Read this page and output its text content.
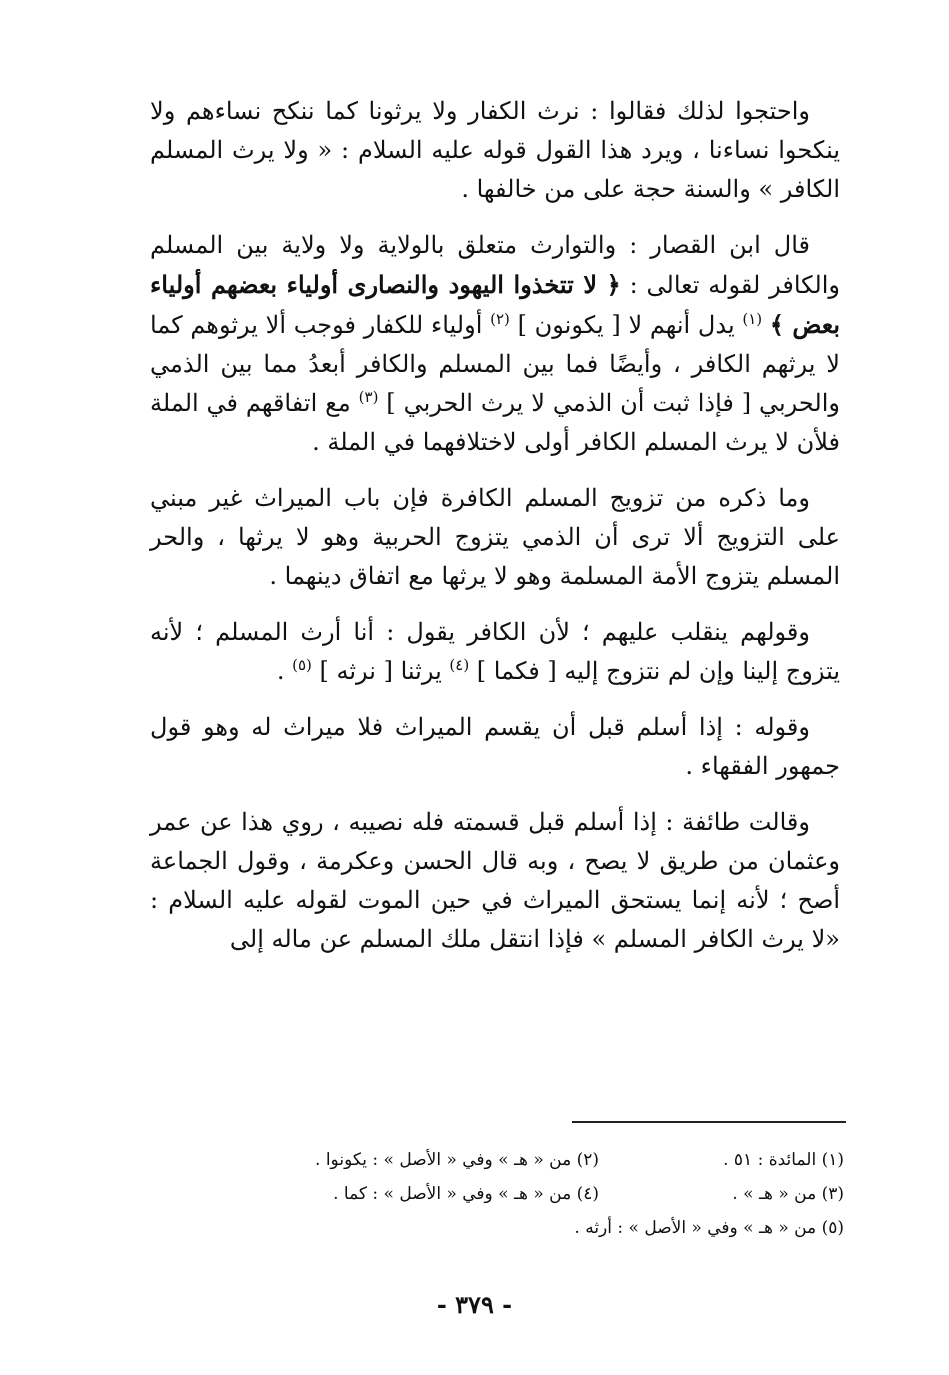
واحتجوا لذلك فقالوا : نرث الكفار ولا يرثونا كما ننكح نساءهم ولا ينكحوا نساءنا ، ويرد هذا القول قوله عليه السلام : « ولا يرث المسلم الكافر » والسنة حجة على من خالفها .

قال ابن القصار : والتوارث متعلق بالولاية ولا ولاية بين المسلم والكافر لقوله تعالى : ﴿ لا تتخذوا اليهود والنصارى أولياء بعضهم أولياء بعض ﴾ $^{(١)}$ يدل أنهم لا [ يكونون ] $^{(٢)}$ أولياء للكفار فوجب ألا يرثوهم كما لا يرثهم الكافر ، وأيضًا فما بين المسلم والكافر أبعدُ مما بين الذمي والحربي [ فإذا ثبت أن الذمي لا يرث الحربي ] $^{(٣)}$ مع اتفاقهم في الملة فلأن لا يرث المسلم الكافر أولى لاختلافهما في الملة .

وما ذكره من تزويج المسلم الكافرة فإن باب الميراث غير مبني على التزويج ألا ترى أن الذمي يتزوج الحربية وهو لا يرثها ، والحر المسلم يتزوج الأمة المسلمة وهو لا يرثها مع اتفاق دينهما .

وقولهم ينقلب عليهم ؛ لأن الكافر يقول : أنا أرث المسلم ؛ لأنه يتزوج إلينا وإن لم نتزوج إليه [ فكما ] $^{(٤)}$ يرثنا [ نرثه ] $^{(٥)}$ .

وقوله : إذا أسلم قبل أن يقسم الميراث فلا ميراث له وهو قول جمهور الفقهاء .

وقالت طائفة : إذا أسلم قبل قسمته فله نصيبه ، روي هذا عن عمر وعثمان من طريق لا يصح ، وبه قال الحسن وعكرمة ، وقول الجماعة أصح ؛ لأنه إنما يستحق الميراث في حين الموت لقوله عليه السلام : «لا يرث الكافر المسلم » فإذا انتقل ملك المسلم عن ماله إلى

(١) المائدة : ٥١ .
(٢) من « هـ » وفي « الأصل » : يكونوا .
(٣) من « هـ » .
(٤) من « هـ » وفي « الأصل » : كما .
(٥) من « هـ » وفي « الأصل » : أرثه .
- ٣٧٩ -
